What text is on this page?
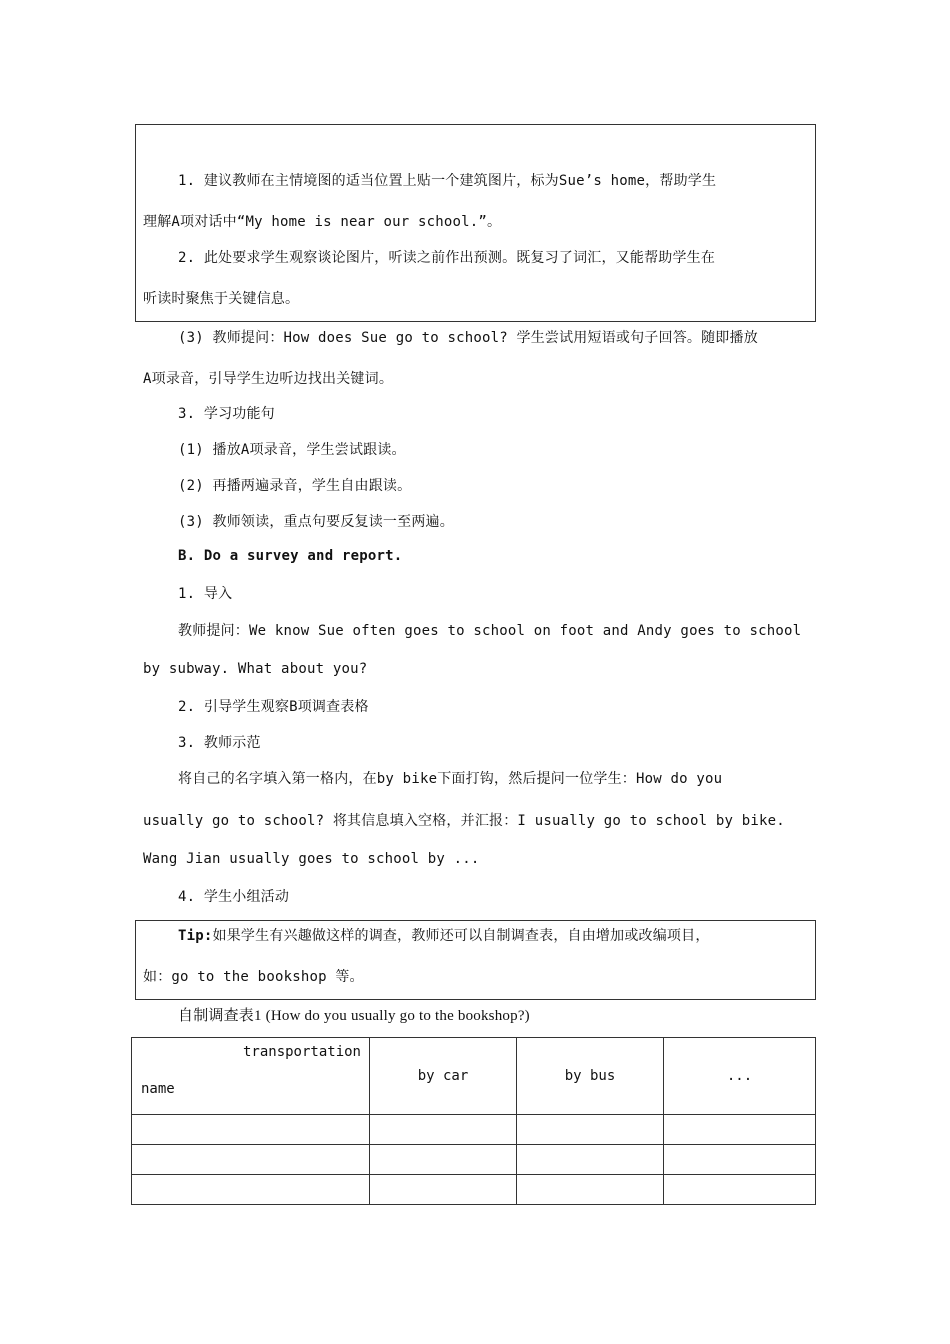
1. 建议教师在主情境图的适当位置上贴一个建筑图片，标为Sue’s home，帮助学生
理解A项对话中“My home is near our school.”。
2. 此处要求学生观察谈论图片，听读之前作出预测。既复习了词汇，又能帮助学生在
听读时聚焦于关键信息。
(3) 教师提问：How does Sue go to school? 学生尝试用短语或句子回答。随即播放
A项录音，引导学生边听边找出关键词。
3. 学习功能句
(1) 播放A项录音，学生尝试跟读。
(2) 再播两遍录音，学生自由跟读。
(3) 教师领读，重点句要反复读一至两遍。
B. Do a survey and report.
1. 导入
教师提问：We know Sue often goes to school on foot and Andy goes to school
by subway. What about you?
2. 引导学生观察B项调查表格
3. 教师示范
将自己的名字填入第一格内，在by bike下面打钩，然后提问一位学生：How do you
usually go to school? 将其信息填入空格，并汇报：I usually go to school by bike.
Wang Jian usually goes to school by ...
4. 学生小组活动
Tip:如果学生有兴趣做这样的调查，教师还可以自制调查表，自由增加或改编项目，
如：go to the bookshop 等。
自制调查表1 (How do you usually go to the bookshop?)
transportation
name	by car	by bus	...
